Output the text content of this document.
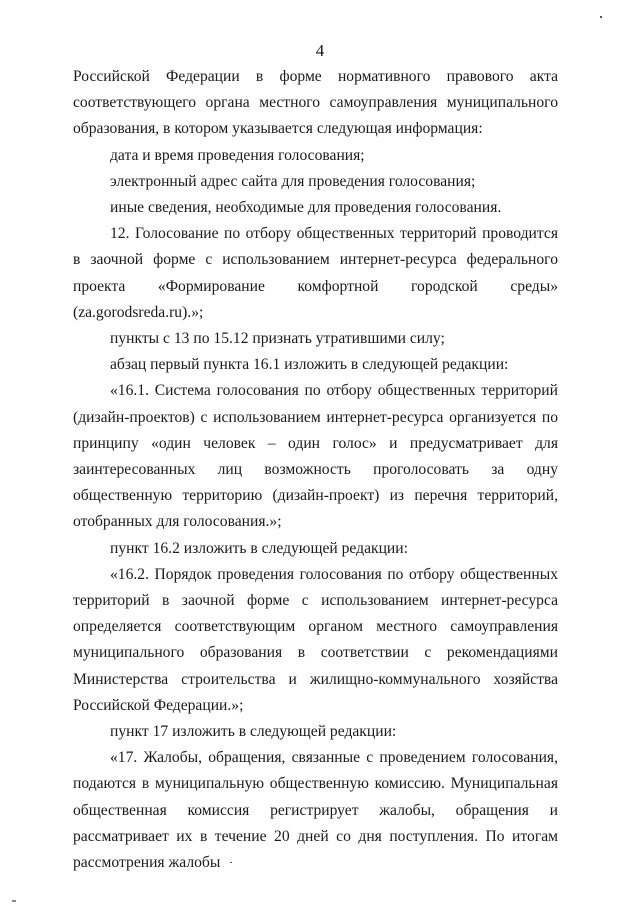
4

Российской Федерации в форме нормативного правового акта соответствующего органа местного самоуправления муниципального образования, в котором указывается следующая информация:

дата и время проведения голосования;

электронный адрес сайта для проведения голосования;

иные сведения, необходимые для проведения голосования.

12. Голосование по отбору общественных территорий проводится в заочной форме с использованием интернет-ресурса федерального проекта «Формирование комфортной городской среды» (za.gorodsreda.ru).»;

пункты с 13 по 15.12 признать утратившими силу;

абзац первый пункта 16.1 изложить в следующей редакции:

«16.1. Система голосования по отбору общественных территорий (дизайн-проектов) с использованием интернет-ресурса организуется по принципу «один человек – один голос» и предусматривает для заинтересованных лиц возможность проголосовать за одну общественную территорию (дизайн-проект) из перечня территорий, отобранных для голосования.»;

пункт 16.2 изложить в следующей редакции:

«16.2. Порядок проведения голосования по отбору общественных территорий в заочной форме с использованием интернет-ресурса определяется соответствующим органом местного самоуправления муниципального образования в соответствии с рекомендациями Министерства строительства и жилищно-коммунального хозяйства Российской Федерации.»;

пункт 17 изложить в следующей редакции:

«17. Жалобы, обращения, связанные с проведением голосования, подаются в муниципальную общественную комиссию. Муниципальная общественная комиссия регистрирует жалобы, обращения и рассматривает их в течение 20 дней со дня поступления. По итогам рассмотрения жалобы
